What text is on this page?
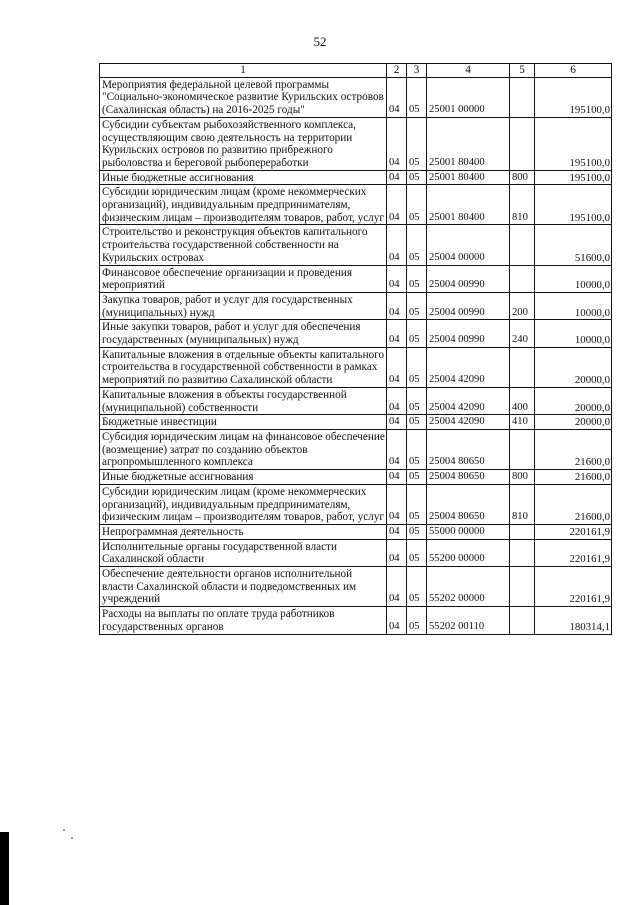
52
1	2	3	4	5	6
Мероприятия федеральной целевой программы "Социально-экономическое развитие Курильских островов (Сахалинская область) на 2016-2025 годы"	04	05	25001 00000		195100,0
Субсидии субъектам рыбохозяйственного комплекса, осуществляющим свою деятельность на территории Курильских островов по развитию прибрежного рыболовства и береговой рыбопереработки	04	05	25001 80400		195100,0
Иные бюджетные ассигнования	04	05	25001 80400	800	195100,0
Субсидии юридическим лицам (кроме некоммерческих организаций), индивидуальным предпринимателям, физическим лицам – производителям товаров, работ, услуг	04	05	25001 80400	810	195100,0
Строительство и реконструкция объектов капитального строительства государственной собственности на Курильских островах	04	05	25004 00000		51600,0
Финансовое обеспечение организации и проведения мероприятий	04	05	25004 00990		10000,0
Закупка товаров, работ и услуг для государственных (муниципальных) нужд	04	05	25004 00990	200	10000,0
Иные закупки товаров, работ и услуг для обеспечения государственных (муниципальных) нужд	04	05	25004 00990	240	10000,0
Капитальные вложения в отдельные объекты капитального строительства в государственной собственности в рамках мероприятий по развитию Сахалинской области	04	05	25004 42090		20000,0
Капитальные вложения в объекты государственной (муниципальной) собственности	04	05	25004 42090	400	20000,0
Бюджетные инвестиции	04	05	25004 42090	410	20000,0
Субсидия юридическим лицам на финансовое обеспечение (возмещение) затрат по созданию объектов агропромышленного комплекса	04	05	25004 80650		21600,0
Иные бюджетные ассигнования	04	05	25004 80650	800	21600,0
Субсидии юридическим лицам (кроме некоммерческих организаций), индивидуальным предпринимателям, физическим лицам – производителям товаров, работ, услуг	04	05	25004 80650	810	21600,0
Непрограммная деятельность	04	05	55000 00000		220161,9
Исполнительные органы государственной власти Сахалинской области	04	05	55200 00000		220161,9
Обеспечение деятельности органов исполнительной власти Сахалинской области и подведомственных им учреждений	04	05	55202 00000		220161,9
Расходы на выплаты по оплате труда работников государственных органов	04	05	55202 00110		180314,1
